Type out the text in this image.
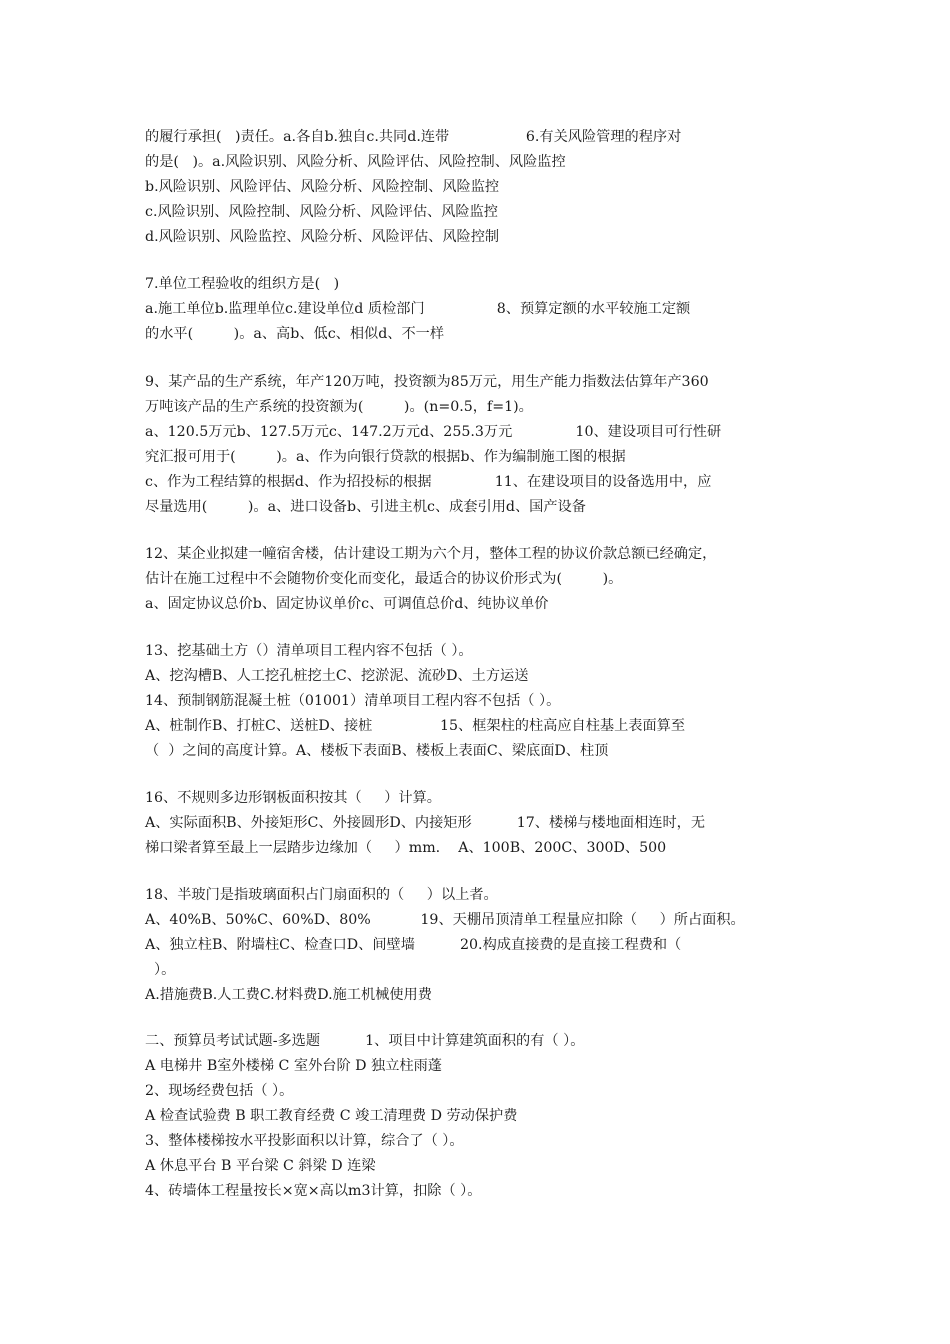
的履行承担(   )责任。a.各自b.独自c.共同d.连带                 6.有关风险管理的程序对
的是(   )。a.风险识别、风险分析、风险评估、风险控制、风险监控
b.风险识别、风险评估、风险分析、风险控制、风险监控
c.风险识别、风险控制、风险分析、风险评估、风险监控
d.风险识别、风险监控、风险分析、风险评估、风险控制
7.单位工程验收的组织方是(   )
a.施工单位b.监理单位c.建设单位d 质检部门                8、预算定额的水平较施工定额
的水平(         )。a、高b、低c、相似d、不一样
9、某产品的生产系统，年产120万吨，投资额为85万元，用生产能力指数法估算年产360
万吨该产品的生产系统的投资额为(         )。(n=0.5，f=1)。
a、120.5万元b、127.5万元c、147.2万元d、255.3万元              10、建设项目可行性研
究汇报可用于(         )。a、作为向银行贷款的根据b、作为编制施工图的根据
c、作为工程结算的根据d、作为招投标的根据              11、在建设项目的设备选用中，应
尽量选用(         )。a、进口设备b、引进主机c、成套引用d、国产设备
12、某企业拟建一幢宿舍楼，估计建设工期为六个月，整体工程的协议价款总额已经确定，
估计在施工过程中不会随物价变化而变化，最适合的协议价形式为(         )。
a、固定协议总价b、固定协议单价c、可调值总价d、纯协议单价
13、挖基础土方（）清单项目工程内容不包括（ ）。
A、挖沟槽B、人工挖孔桩挖土C、挖淤泥、流砂D、土方运送
14、预制钢筋混凝土桩（01001）清单项目工程内容不包括（ ）。
A、桩制作B、打桩C、送桩D、接桩               15、框架柱的柱高应自柱基上表面算至
（  ）之间的高度计算。A、楼板下表面B、楼板上表面C、梁底面D、柱顶
16、不规则多边形钢板面积按其（     ）计算。
A、实际面积B、外接矩形C、外接圆形D、内接矩形          17、楼梯与楼地面相连时，无
梯口梁者算至最上一层踏步边缘加（     ）mm.    A、100B、200C、300D、500
18、半玻门是指玻璃面积占门扇面积的（     ）以上者。
A、40%B、50%C、60%D、80%           19、天棚吊顶清单工程量应扣除（     ）所占面积。
A、独立柱B、附墙柱C、检查口D、间壁墙          20.构成直接费的是直接工程费和（
）。
A.措施费B.人工费C.材料费D.施工机械使用费
二、预算员考试试题-多选题          1、项目中计算建筑面积的有（ ）。
A 电梯井 B室外楼梯 C 室外台阶 D 独立柱雨蓬
2、现场经费包括（ ）。
A 检查试验费 B 职工教育经费 C 竣工清理费 D 劳动保护费
3、整体楼梯按水平投影面积以计算，综合了（ ）。
A 休息平台 B 平台梁 C 斜梁 D 连梁
4、砖墙体工程量按长×宽×高以m3计算，扣除（ ）。
